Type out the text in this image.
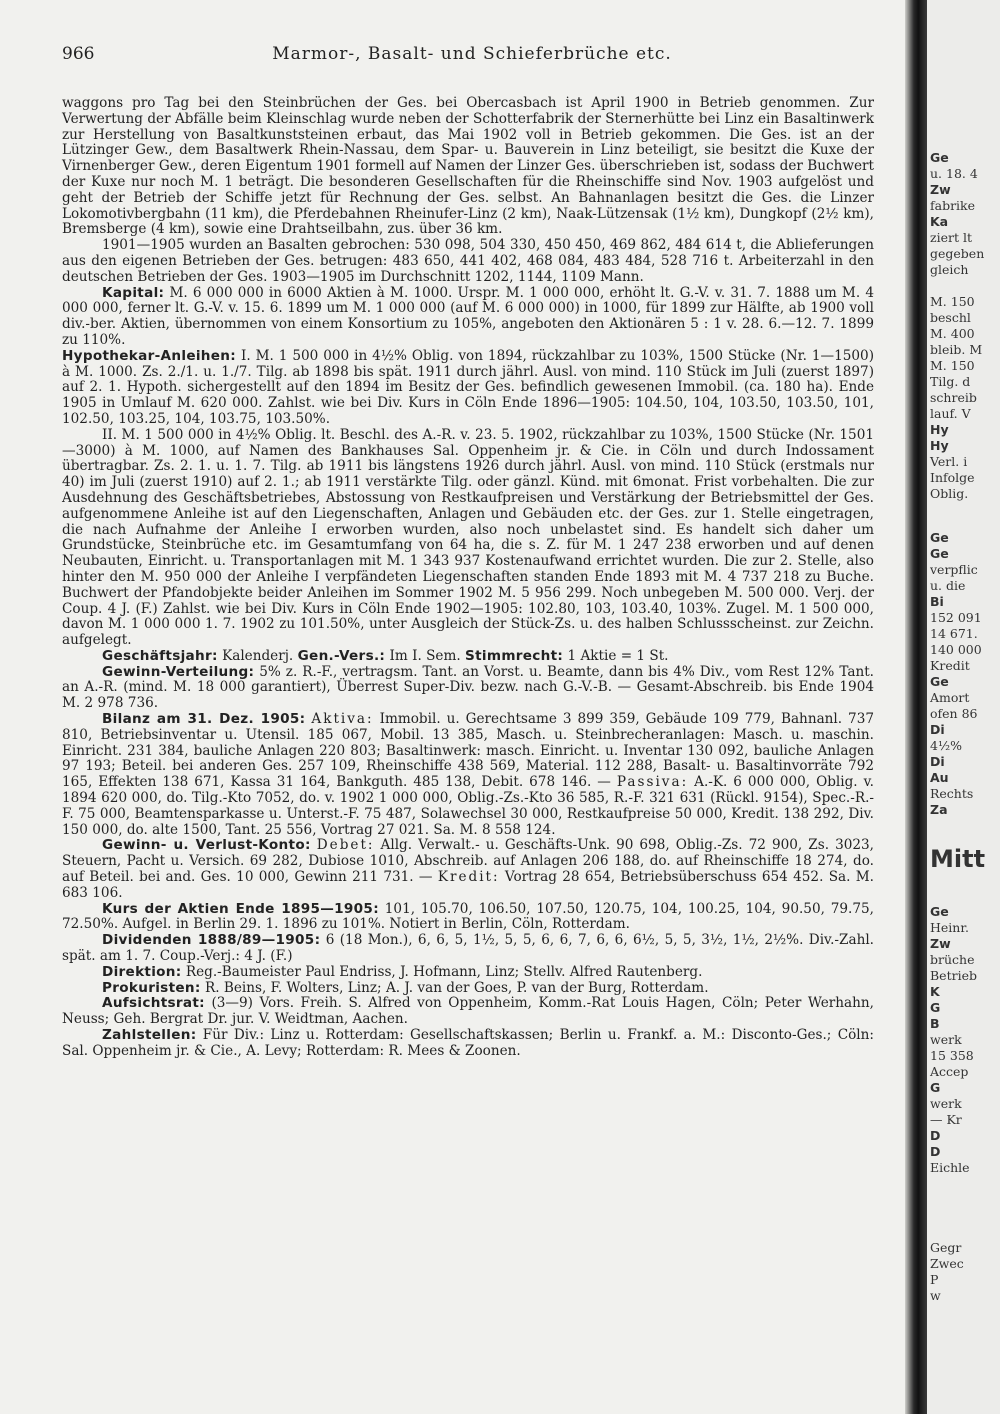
966	Marmor-, Basalt- und Schieferbrüche etc.

waggons pro Tag bei den Steinbrüchen der Ges. bei Obercasbach ist April 1900 in Betrieb genommen. Zur Verwertung der Abfälle beim Kleinschlag wurde neben der Schotterfabrik der Sternerhütte bei Linz ein Basaltinwerk zur Herstellung von Basaltkunststeinen erbaut, das Mai 1902 voll in Betrieb gekommen. Die Ges. ist an der Lützinger Gew., dem Basaltwerk Rhein-Nassau, dem Spar- u. Bauverein in Linz beteiligt, sie besitzt die Kuxe der Virnenberger Gew., deren Eigentum 1901 formell auf Namen der Linzer Ges. überschrieben ist, sodass der Buchwert der Kuxe nur noch M. 1 beträgt. Die besonderen Gesellschaften für die Rheinschiffe sind Nov. 1903 aufgelöst und geht der Betrieb der Schiffe jetzt für Rechnung der Ges. selbst. An Bahnanlagen besitzt die Ges. die Linzer Lokomotivbergbahn (11 km), die Pferdebahnen Rheinufer-Linz (2 km), Naak-Lützensak (1½ km), Dungkopf (2½ km), Bremsberge (4 km), sowie eine Drahtseilbahn, zus. über 36 km.

1901—1905 wurden an Basalten gebrochen: 530 098, 504 330, 450 450, 469 862, 484 614 t, die Ablieferungen aus den eigenen Betrieben der Ges. betrugen: 483 650, 441 402, 468 084, 483 484, 528 716 t. Arbeiterzahl in den deutschen Betrieben der Ges. 1903—1905 im Durchschnitt 1202, 1144, 1109 Mann.

Kapital: M. 6 000 000 in 6000 Aktien à M. 1000. Urspr. M. 1 000 000, erhöht lt. G.-V. v. 31. 7. 1888 um M. 4 000 000, ferner lt. G.-V. v. 15. 6. 1899 um M. 1 000 000 (auf M. 6 000 000) in 1000, für 1899 zur Hälfte, ab 1900 voll div.-ber. Aktien, übernommen von einem Konsortium zu 105%, angeboten den Aktionären 5 : 1 v. 28. 6.—12. 7. 1899 zu 110%.

Hypothekar-Anleihen: I. M. 1 500 000 in 4½% Oblig. von 1894, rückzahlbar zu 103%, 1500 Stücke (Nr. 1—1500) à M. 1000. Zs. 2./1. u. 1./7. Tilg. ab 1898 bis spät. 1911 durch jährl. Ausl. von mind. 110 Stück im Juli (zuerst 1897) auf 2. 1. Hypoth. sichergestellt auf den 1894 im Besitz der Ges. befindlich gewesenen Immobil. (ca. 180 ha). Ende 1905 in Umlauf M. 620 000. Zahlst. wie bei Div. Kurs in Cöln Ende 1896—1905: 104.50, 104, 103.50, 103.50, 101, 102.50, 103.25, 104, 103.75, 103.50%.

II. M. 1 500 000 in 4½% Oblig. lt. Beschl. des A.-R. v. 23. 5. 1902, rückzahlbar zu 103%, 1500 Stücke (Nr. 1501—3000) à M. 1000, auf Namen des Bankhauses Sal. Oppenheim jr. & Cie. in Cöln und durch Indossament übertragbar. Zs. 2. 1. u. 1. 7. Tilg. ab 1911 bis längstens 1926 durch jährl. Ausl. von mind. 110 Stück (erstmals nur 40) im Juli (zuerst 1910) auf 2. 1.; ab 1911 verstärkte Tilg. oder gänzl. Künd. mit 6monat. Frist vorbehalten. Die zur Ausdehnung des Geschäftsbetriebes, Abstossung von Restkaufpreisen und Verstärkung der Betriebsmittel der Ges. aufgenommene Anleihe ist auf den Liegenschaften, Anlagen und Gebäuden etc. der Ges. zur 1. Stelle eingetragen, die nach Aufnahme der Anleihe I erworben wurden, also noch unbelastet sind. Es handelt sich daher um Grundstücke, Steinbrüche etc. im Gesamtumfang von 64 ha, die s. Z. für M. 1 247 238 erworben und auf denen Neubauten, Einricht. u. Transportanlagen mit M. 1 343 937 Kostenaufwand errichtet wurden. Die zur 2. Stelle, also hinter den M. 950 000 der Anleihe I verpfändeten Liegenschaften standen Ende 1893 mit M. 4 737 218 zu Buche. Buchwert der Pfandobjekte beider Anleihen im Sommer 1902 M. 5 956 299. Noch unbegeben M. 500 000. Verj. der Coup. 4 J. (F.) Zahlst. wie bei Div. Kurs in Cöln Ende 1902—1905: 102.80, 103, 103.40, 103%. Zugel. M. 1 500 000, davon M. 1 000 000 1. 7. 1902 zu 101.50%, unter Ausgleich der Stück-Zs. u. des halben Schlussscheinst. zur Zeichn. aufgelegt.

Geschäftsjahr: Kalenderj. Gen.-Vers.: Im I. Sem. Stimmrecht: 1 Aktie = 1 St.

Gewinn-Verteilung: 5% z. R.-F., vertragsm. Tant. an Vorst. u. Beamte, dann bis 4% Div., vom Rest 12% Tant. an A.-R. (mind. M. 18 000 garantiert), Überrest Super-Div. bezw. nach G.-V.-B. — Gesamt-Abschreib. bis Ende 1904 M. 2 978 736.

Bilanz am 31. Dez. 1905: Aktiva: Immobil. u. Gerechtsame 3 899 359, Gebäude 109 779, Bahnanl. 737 810, Betriebsinventar u. Utensil. 185 067, Mobil. 13 385, Masch. u. Steinbrecheranlagen: Masch. u. maschin. Einricht. 231 384, bauliche Anlagen 220 803; Basaltinwerk: masch. Einricht. u. Inventar 130 092, bauliche Anlagen 97 193; Beteil. bei anderen Ges. 257 109, Rheinschiffe 438 569, Material. 112 288, Basalt- u. Basaltinvorräte 792 165, Effekten 138 671, Kassa 31 164, Bankguth. 485 138, Debit. 678 146. — Passiva: A.-K. 6 000 000, Oblig. v. 1894 620 000, do. Tilg.-Kto 7052, do. v. 1902 1 000 000, Oblig.-Zs.-Kto 36 585, R.-F. 321 631 (Rückl. 9154), Spec.-R.-F. 75 000, Beamtensparkasse u. Unterst.-F. 75 487, Solawechsel 30 000, Restkaufpreise 50 000, Kredit. 138 292, Div. 150 000, do. alte 1500, Tant. 25 556, Vortrag 27 021. Sa. M. 8 558 124.

Gewinn- u. Verlust-Konto: Debet: Allg. Verwalt.- u. Geschäfts-Unk. 90 698, Oblig.-Zs. 72 900, Zs. 3023, Steuern, Pacht u. Versich. 69 282, Dubiose 1010, Abschreib. auf Anlagen 206 188, do. auf Rheinschiffe 18 274, do. auf Beteil. bei and. Ges. 10 000, Gewinn 211 731. — Kredit: Vortrag 28 654, Betriebsüberschuss 654 452. Sa. M. 683 106.

Kurs der Aktien Ende 1895—1905: 101, 105.70, 106.50, 107.50, 120.75, 104, 100.25, 104, 90.50, 79.75, 72.50%. Aufgel. in Berlin 29. 1. 1896 zu 101%. Notiert in Berlin, Cöln, Rotterdam.

Dividenden 1888/89—1905: 6 (18 Mon.), 6, 6, 5, 1½, 5, 5, 6, 6, 7, 6, 6, 6½, 5, 5, 3½, 1½, 2½%. Div.-Zahl. spät. am 1. 7. Coup.-Verj.: 4 J. (F.)

Direktion: Reg.-Baumeister Paul Endriss, J. Hofmann, Linz; Stellv. Alfred Rautenberg.

Prokuristen: R. Beins, F. Wolters, Linz; A. J. van der Goes, P. van der Burg, Rotterdam.

Aufsichtsrat: (3—9) Vors. Freih. S. Alfred von Oppenheim, Komm.-Rat Louis Hagen, Cöln; Peter Werhahn, Neuss; Geh. Bergrat Dr. jur. V. Weidtman, Aachen.

Zahlstellen: Für Div.: Linz u. Rotterdam: Gesellschaftskassen; Berlin u. Frankf. a. M.: Disconto-Ges.; Cöln: Sal. Oppenheim jr. & Cie., A. Levy; Rotterdam: R. Mees & Zoonen.

Ge
u. 18. 4
Zw
fabrike
Ka
ziert lt
gegeben
gleich
M. 150
beschl
M. 400
bleib. M
M. 150
Tilg. d
schreib
lauf. V
Hy
Hy
Verl. i
Infolge
Oblig.
Ge
Ge
verpflic
u. die
Bi
152 091
14 671.
140 000
Kredit
Ge
Amort
ofen 86
Di
4½%
Di
Au
Rechts
Za
Mitt
Ge
Heinr.
Zw
brüche
Betrieb
K
G
B
werk
15 358
Accep
G
werk
— Kr
D
D
Eichle
Gegr
Zwec
P
w
